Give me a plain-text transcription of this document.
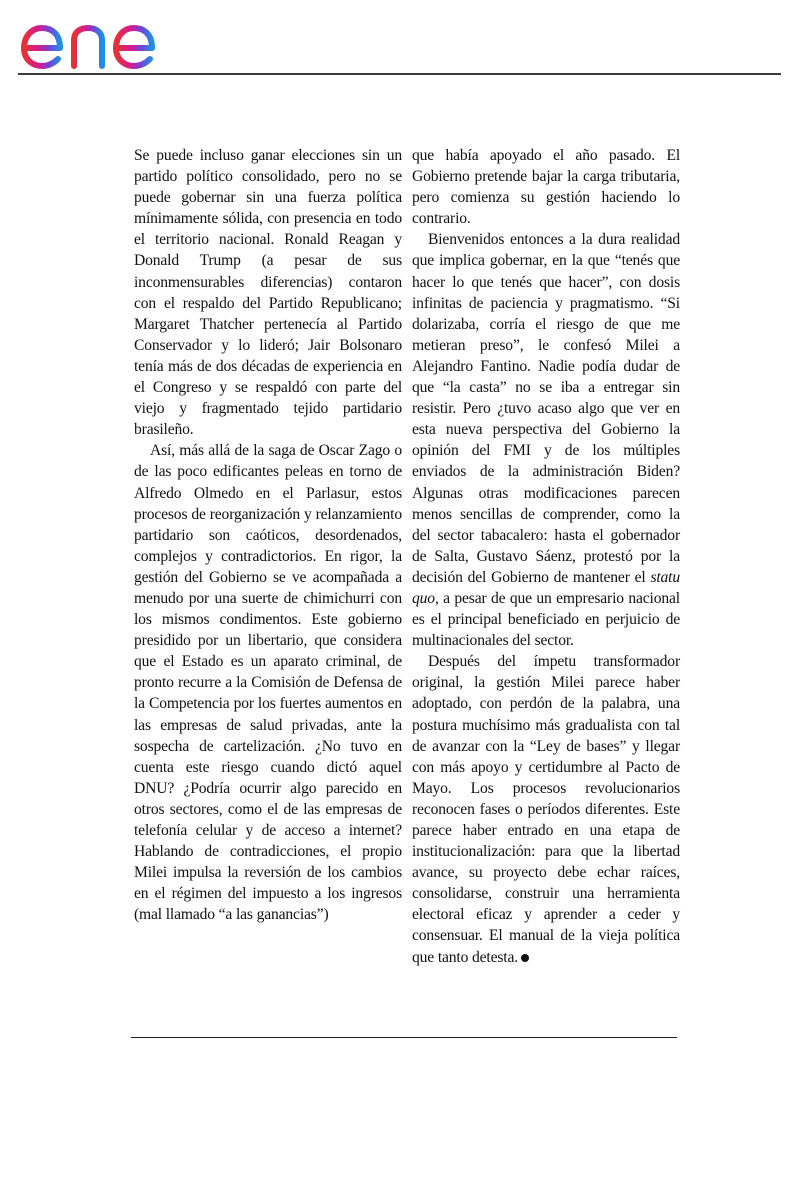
Se puede incluso ganar elecciones sin un partido político consolidado, pero no se puede gobernar sin una fuerza política mínimamente sólida, con presencia en todo el territorio nacional. Ronald Reagan y Donald Trump (a pesar de sus inconmensurables diferencias) contaron con el respaldo del Partido Republicano; Margaret Thatcher pertenecía al Partido Conservador y lo lideró; Jair Bolsonaro tenía más de dos décadas de experiencia en el Congreso y se respaldó con parte del viejo y fragmentado tejido partidario brasileño.

Así, más allá de la saga de Oscar Zago o de las poco edificantes peleas en torno de Alfredo Olmedo en el Parlasur, estos procesos de reorganización y relanzamiento partidario son caóticos, desordenados, complejos y contradictorios. En rigor, la gestión del Gobierno se ve acompañada a menudo por una suerte de chimichurri con los mismos condimentos. Este gobierno presidido por un libertario, que considera que el Estado es un aparato criminal, de pronto recurre a la Comisión de Defensa de la Competencia por los fuertes aumentos en las empresas de salud privadas, ante la sospecha de cartelización. ¿No tuvo en cuenta este riesgo cuando dictó aquel DNU? ¿Podría ocurrir algo parecido en otros sectores, como el de las empresas de telefonía celular y de acceso a internet? Hablando de contradicciones, el propio Milei impulsa la reversión de los cambios en el régimen del impuesto a los ingresos (mal llamado “a las ganancias”)

que había apoyado el año pasado. El Gobierno pretende bajar la carga tributaria, pero comienza su gestión haciendo lo contrario.

Bienvenidos entonces a la dura realidad que implica gobernar, en la que “tenés que hacer lo que tenés que hacer”, con dosis infinitas de paciencia y pragmatismo. “Si dolarizaba, corría el riesgo de que me metieran preso”, le confesó Milei a Alejandro Fantino. Nadie podía dudar de que “la casta” no se iba a entregar sin resistir. Pero ¿tuvo acaso algo que ver en esta nueva perspectiva del Gobierno la opinión del FMI y de los múltiples enviados de la administración Biden? Algunas otras modificaciones parecen menos sencillas de comprender, como la del sector tabacalero: hasta el gobernador de Salta, Gustavo Sáenz, protestó por la decisión del Gobierno de mantener el statu quo, a pesar de que un empresario nacional es el principal beneficiado en perjuicio de multinacionales del sector.

Después del ímpetu transformador original, la gestión Milei parece haber adoptado, con perdón de la palabra, una postura muchísimo más gradualista con tal de avanzar con la “Ley de bases” y llegar con más apoyo y certidumbre al Pacto de Mayo. Los procesos revolucionarios reconocen fases o períodos diferentes. Este parece haber entrado en una etapa de institucionalización: para que la libertad avance, su proyecto debe echar raíces, consolidarse, construir una herramienta electoral eficaz y aprender a ceder y consensuar. El manual de la vieja política que tanto detesta.
